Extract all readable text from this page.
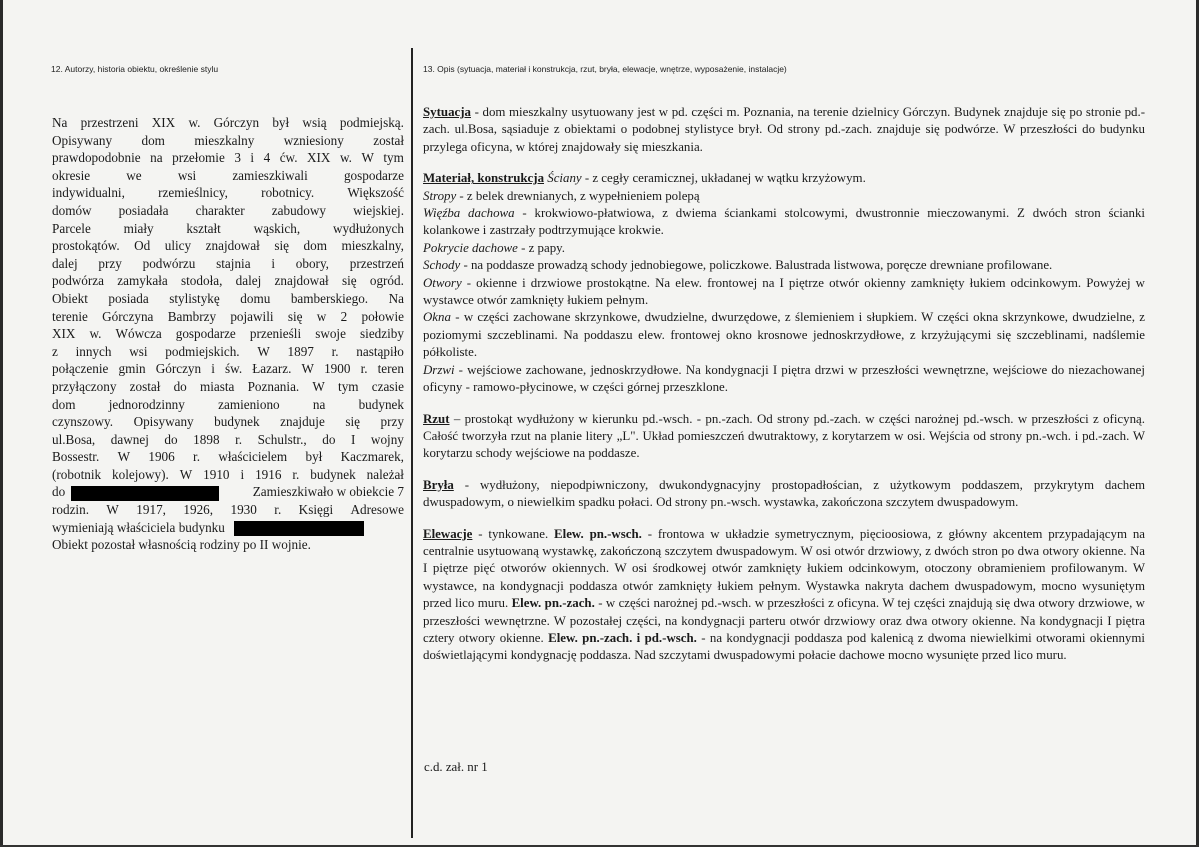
12. Autorzy, historia obiektu, określenie stylu	13. Opis (sytuacja, materiał i konstrukcja, rzut, bryła, elewacje, wnętrze, wyposażenie, instalacje)
Na przestrzeni XIX w. Górczyn był wsią podmiejską.
Opisywany dom mieszkalny wzniesiony został
prawdopodobnie na przełomie 3 i 4 ćw. XIX w. W tym
okresie	we	wsi	zamieszkiwali	gospodarze
indywidualni,	rzemieślnicy,	robotnicy.	Większość
domów posiadała charakter zabudowy wiejskiej.
Parcele miały kształt wąskich, wydłużonych
prostokątów. Od ulicy znajdował się dom mieszkalny,
dalej przy podwórzu stajnia i obory, przestrzeń
podwórza zamykała stodoła, dalej znajdował się ogród.
Obiekt posiada stylistykę domu bamberskiego. Na
terenie Górczyna Bambrzy pojawili się w 2 połowie
XIX w. Wówcza gospodarze przenieśli swoje siedziby
z innych wsi podmiejskich. W 1897 r. nastąpiło
połączenie gmin Górczyn i św. Łazarz. W 1900 r. teren
przyłączony został do miasta Poznania. W tym czasie
dom	jednorodzinny	zamieniono	na	budynek
czynszowy. Opisywany budynek znajduje się przy
ul.Bosa, dawnej do 1898 r. Schulstr., do I wojny
Bossestr. W 1906 r. właścicielem był Kaczmarek,
(robotnik kolejowy). W 1910 i 1916 r. budynek należał
do	Zamieszkiwało w obiekcie 7
rodzin. W 1917, 1926, 1930 r. Księgi Adresowe
wymieniają właściciela budynku
Obiekt pozostał własnością rodziny po II wojnie.

Sytuacja - dom mieszkalny usytuowany jest w pd. części m. Poznania, na terenie dzielnicy Górczyn. Budynek znajduje się po stronie pd.-zach. ul.Bosa, sąsiaduje z obiektami o podobnej stylistyce brył. Od strony pd.-zach. znajduje się podwórze. W przeszłości do budynku przylega oficyna, w której znajdowały się mieszkania.

Materiał, konstrukcja Ściany - z cegły ceramicznej, układanej w wątku krzyżowym.

Stropy - z belek drewnianych, z wypełnieniem polepą

Więźba dachowa - krokwiowo-płatwiowa, z dwiema ściankami stolcowymi, dwustronnie mieczowanymi. Z dwóch stron ścianki kolankowe i zastrzały podtrzymujące krokwie.

Pokrycie dachowe - z papy.

Schody - na poddasze prowadzą schody jednobiegowe, policzkowe. Balustrada listwowa, poręcze drewniane profilowane.

Otwory - okienne i drzwiowe prostokątne. Na elew. frontowej na I piętrze otwór okienny zamknięty łukiem odcinkowym. Powyżej w wystawce otwór zamknięty łukiem pełnym.

Okna - w części zachowane skrzynkowe, dwudzielne, dwurzędowe, z ślemieniem i słupkiem. W części okna skrzynkowe, dwudzielne, z poziomymi szczeblinami. Na poddaszu elew. frontowej okno krosnowe jednoskrzydłowe, z krzyżującymi się szczeblinami, nadślemie półkoliste.

Drzwi - wejściowe zachowane, jednoskrzydłowe. Na kondygnacji I piętra drzwi w przeszłości wewnętrzne, wejściowe do niezachowanej oficyny - ramowo-płycinowe, w części górnej przeszklone.

Rzut – prostokąt wydłużony w kierunku pd.-wsch. - pn.-zach. Od strony pd.-zach. w części narożnej pd.-wsch. w przeszłości z oficyną. Całość tworzyła rzut na planie litery „L". Układ pomieszczeń dwutraktowy, z korytarzem w osi. Wejścia od strony pn.-wch. i pd.-zach. W korytarzu schody wejściowe na poddasze.

Bryła - wydłużony, niepodpiwniczony, dwukondygnacyjny prostopadłościan, z użytkowym poddaszem, przykrytym dachem dwuspadowym, o niewielkim spadku połaci. Od strony pn.-wsch. wystawka, zakończona szczytem dwuspadowym.

Elewacje - tynkowane. Elew. pn.-wsch. - frontowa w układzie symetrycznym, pięcioosiowa, z główny akcentem przypadającym na centralnie usytuowaną wystawkę, zakończoną szczytem dwuspadowym. W osi otwór drzwiowy, z dwóch stron po dwa otwory okienne. Na I piętrze pięć otworów okiennych. W osi środkowej otwór zamknięty łukiem odcinkowym, otoczony obramieniem profilowanym. W wystawce, na kondygnacji poddasza otwór zamknięty łukiem pełnym. Wystawka nakryta dachem dwuspadowym, mocno wysuniętym przed lico muru. Elew. pn.-zach. - w części narożnej pd.-wsch. w przeszłości z oficyna. W tej części znajdują się dwa otwory drzwiowe, w przeszłości wewnętrzne. W pozostałej części, na kondygnacji parteru otwór drzwiowy oraz dwa otwory okienne. Na kondygnacji I piętra cztery otwory okienne. Elew. pn.-zach. i pd.-wsch. - na kondygnacji poddasza pod kalenicą z dwoma niewielkimi otworami okiennymi doświetlającymi kondygnację poddasza. Nad szczytami dwuspadowymi połacie dachowe mocno wysunięte przed lico muru.

c.d. zał. nr 1
